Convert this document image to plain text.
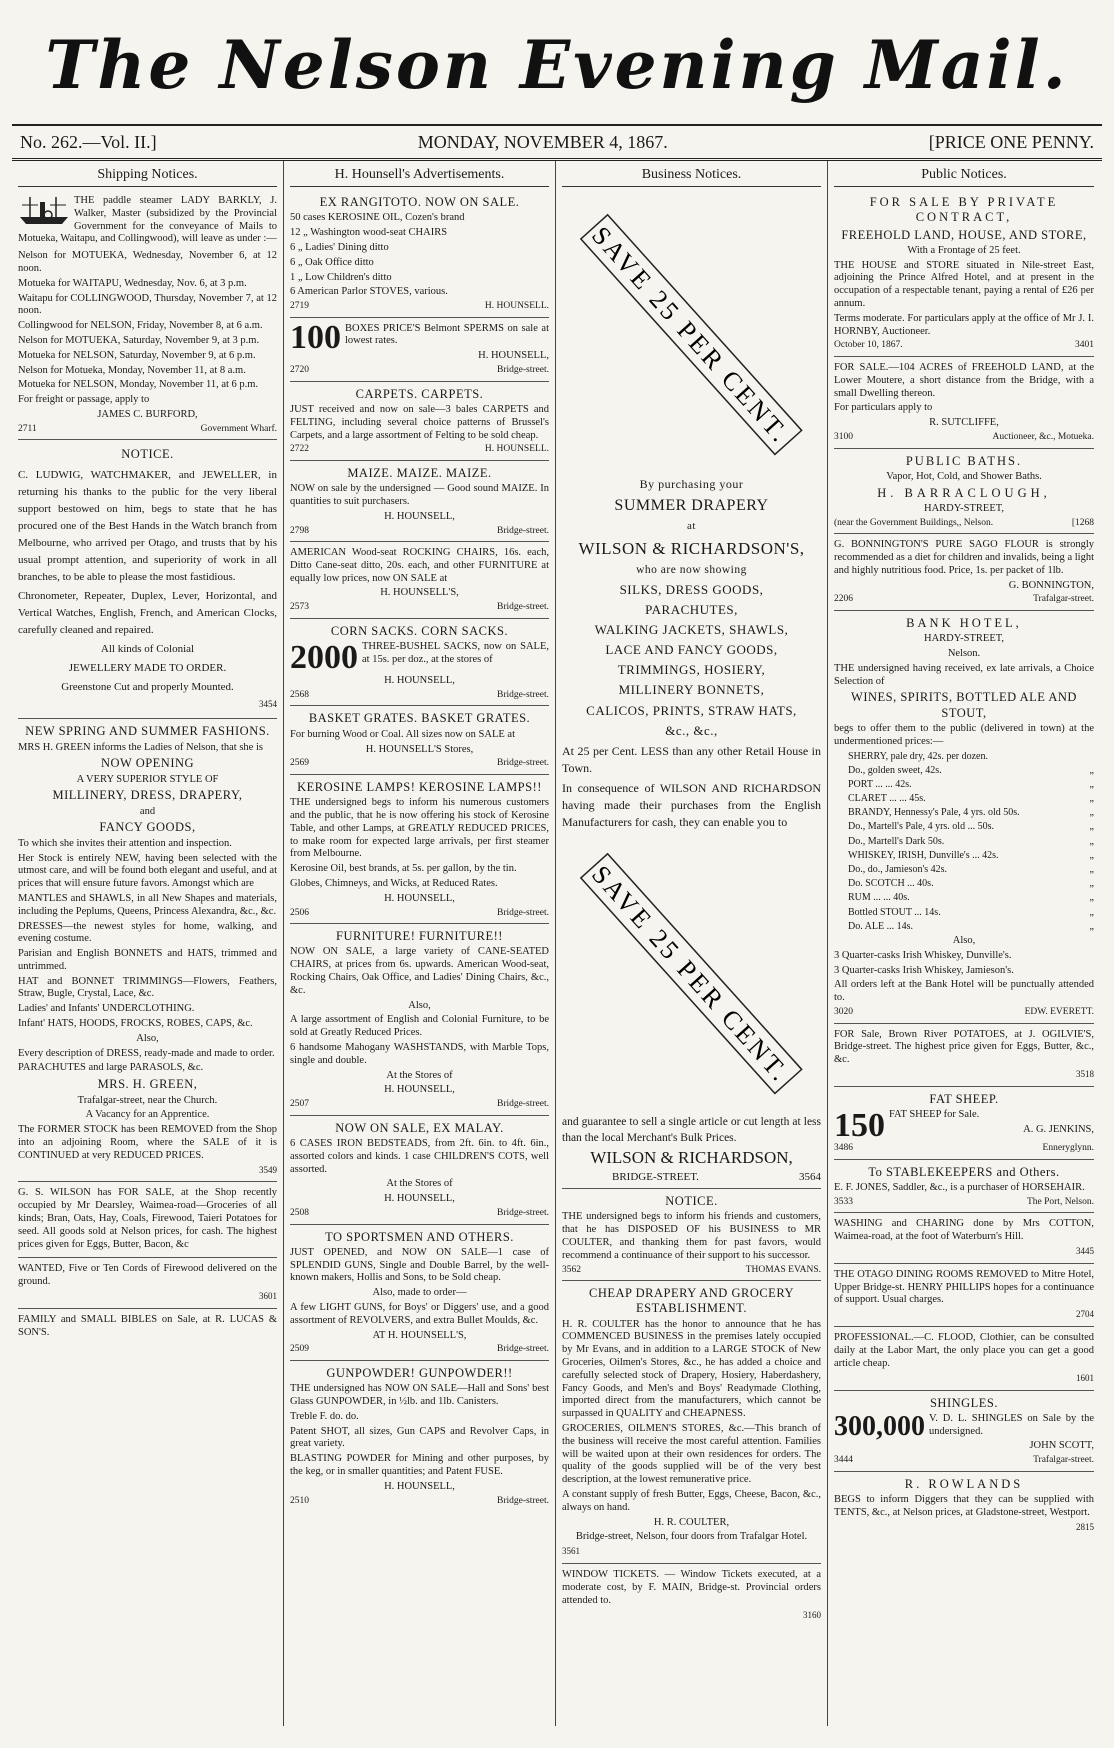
The Nelson Evening Mail.
No. 262.—Vol. II.]	MONDAY, NOVEMBER 4, 1867.	[PRICE ONE PENNY.
Shipping Notices.

THE paddle steamer LADY BARKLY, J. Walker, Master (subsidized by the Provincial Government for the conveyance of Mails to Motueka, Waitapu, and Collingwood), will leave as under :—

Nelson for MOTUEKA, Wednesday, November 6, at 12 noon.

Motueka for WAITAPU, Wednesday, Nov. 6, at 3 p.m.

Waitapu for COLLINGWOOD, Thursday, November 7, at 12 noon.

Collingwood for NELSON, Friday, November 8, at 6 a.m.

Nelson for MOTUEKA, Saturday, November 9, at 3 p.m.

Motueka for NELSON, Saturday, November 9, at 6 p.m.

Nelson for Motueka, Monday, November 11, at 8 a.m.

Motueka for NELSON, Monday, November 11, at 6 p.m.

For freight or passage, apply to

JAMES C. BURFORD,

2711	Government Wharf.

NOTICE.

C. LUDWIG, WATCHMAKER, and JEWELLER, in returning his thanks to the public for the very liberal support bestowed on him, begs to state that he has procured one of the Best Hands in the Watch branch from Melbourne, who arrived per Otago, and trusts that by his usual prompt attention, and superiority of work in all branches, to be able to please the most fastidious.

Chronometer, Repeater, Duplex, Lever, Horizontal, and Vertical Watches, English, French, and American Clocks, carefully cleaned and repaired.

All kinds of Colonial

JEWELLERY MADE TO ORDER.

Greenstone Cut and properly Mounted.

3454

NEW SPRING AND SUMMER FASHIONS.

MRS H. GREEN informs the Ladies of Nelson, that she is

NOW OPENING

A VERY SUPERIOR STYLE OF

MILLINERY, DRESS, DRAPERY,

and

FANCY GOODS,

To which she invites their attention and inspection.

Her Stock is entirely NEW, having been selected with the utmost care, and will be found both elegant and useful, and at prices that will ensure future favors. Amongst which are

MANTLES and SHAWLS, in all New Shapes and materials, including the Peplums, Queens, Princess Alexandra, &c., &c.

DRESSES—the newest styles for home, walking, and evening costume.

Parisian and English BONNETS and HATS, trimmed and untrimmed.

HAT and BONNET TRIMMINGS—Flowers, Feathers, Straw, Bugle, Crystal, Lace, &c.

Ladies' and Infants' UNDERCLOTHING.

Infant' HATS, HOODS, FROCKS, ROBES, CAPS, &c.

Also,

Every description of DRESS, ready-made and made to order.

PARACHUTES and large PARASOLS, &c.

MRS. H. GREEN,

Trafalgar-street, near the Church.

A Vacancy for an Apprentice.

The FORMER STOCK has been REMOVED from the Shop into an adjoining Room, where the SALE of it is CONTINUED at very REDUCED PRICES.

3549

G. S. WILSON has FOR SALE, at the Shop recently occupied by Mr Dearsley, Waimea-road—Groceries of all kinds; Bran, Oats, Hay, Coals, Firewood, Taieri Potatoes for seed. All goods sold at Nelson prices, for cash. The highest prices given for Eggs, Butter, Bacon, &c

WANTED, Five or Ten Cords of Firewood delivered on the ground.

3601

FAMILY and SMALL BIBLES on Sale, at R. LUCAS & SON'S.

H. Hounsell's Advertisements.

EX RANGITOTO. NOW ON SALE.

50 cases KEROSINE OIL, Cozen's brand

12 „ Washington wood-seat CHAIRS

6 „ Ladies' Dining ditto

6 „ Oak Office ditto

1 „ Low Children's ditto

6 American Parlor STOVES, various.

2719	H. HOUNSELL.
100 BOXES PRICE'S Belmont SPERMS on sale at lowest rates.

H. HOUNSELL,

2720	Bridge-street.

CARPETS. CARPETS.

JUST received and now on sale—3 bales CARPETS and FELTING, including several choice patterns of Brussel's Carpets, and a large assortment of Felting to be sold cheap.

2722	H. HOUNSELL.

MAIZE. MAIZE. MAIZE.

NOW on sale by the undersigned — Good sound MAIZE. In quantities to suit purchasers.

H. HOUNSELL,

2798	Bridge-street.

AMERICAN Wood-seat ROCKING CHAIRS, 16s. each, Ditto Cane-seat ditto, 20s. each, and other FURNITURE at equally low prices, now ON SALE at

H. HOUNSELL'S,

2573	Bridge-street.

CORN SACKS. CORN SACKS.

2000 THREE-BUSHEL SACKS, now on SALE, at 15s. per doz., at the stores of

H. HOUNSELL,

2568	Bridge-street.

BASKET GRATES. BASKET GRATES.

For burning Wood or Coal. All sizes now on SALE at

H. HOUNSELL'S Stores,

2569	Bridge-street.

KEROSINE LAMPS! KEROSINE LAMPS!!

THE undersigned begs to inform his numerous customers and the public, that he is now offering his stock of Kerosine Table, and other Lamps, at GREATLY REDUCED PRICES, to make room for expected large arrivals, per first steamer from Melbourne.

Kerosine Oil, best brands, at 5s. per gallon, by the tin.

Globes, Chimneys, and Wicks, at Reduced Rates.

H. HOUNSELL,

2506	Bridge-street.

FURNITURE! FURNITURE!!

NOW ON SALE, a large variety of CANE-SEATED CHAIRS, at prices from 6s. upwards. American Wood-seat, Rocking Chairs, Oak Office, and Ladies' Dining Chairs, &c., &c.

Also,

A large assortment of English and Colonial Furniture, to be sold at Greatly Reduced Prices.

6 handsome Mahogany WASHSTANDS, with Marble Tops, single and double.

At the Stores of

H. HOUNSELL,

2507	Bridge-street.

NOW ON SALE, EX MALAY.

6 CASES IRON BEDSTEADS, from 2ft. 6in. to 4ft. 6in., assorted colors and kinds. 1 case CHILDREN'S COTS, well assorted.

At the Stores of

H. HOUNSELL,

2508	Bridge-street.

TO SPORTSMEN AND OTHERS.

JUST OPENED, and NOW ON SALE—1 case of SPLENDID GUNS, Single and Double Barrel, by the well-known makers, Hollis and Sons, to be Sold cheap.

Also, made to order—

A few LIGHT GUNS, for Boys' or Diggers' use, and a good assortment of REVOLVERS, and extra Bullet Moulds, &c.

AT H. HOUNSELL'S,

2509	Bridge-street.

GUNPOWDER! GUNPOWDER!!

THE undersigned has NOW ON SALE—Hall and Sons' best Glass GUNPOWDER, in ½lb. and 1lb. Canisters.

Treble F. do. do.

Patent SHOT, all sizes, Gun CAPS and Revolver Caps, in great variety.

BLASTING POWDER for Mining and other purposes, by the keg, or in smaller quantities; and Patent FUSE.

H. HOUNSELL,

2510	Bridge-street.
Business Notices.
SAVE 25 PER CENT.
By purchasing your
SUMMER DRAPERY
at
WILSON & RICHARDSON'S,
who are now showing
SILKS, DRESS GOODS,
PARACHUTES,
WALKING JACKETS, SHAWLS,
LACE AND FANCY GOODS,
TRIMMINGS, HOSIERY,
MILLINERY BONNETS,
CALICOS, PRINTS, STRAW HATS,
&c., &c.,

At 25 per Cent. LESS than any other Retail House in Town.

In consequence of WILSON AND RICHARDSON having made their purchases from the English Manufacturers for cash, they can enable you to

SAVE 25 PER CENT.

and guarantee to sell a single article or cut length at less than the local Merchant's Bulk Prices.

WILSON & RICHARDSON,

BRIDGE-STREET.	3564

NOTICE.

THE undersigned begs to inform his friends and customers, that he has DISPOSED OF his BUSINESS to MR COULTER, and thanking them for past favors, would recommend a continuance of their support to his successor.

3562	THOMAS EVANS.

CHEAP DRAPERY AND GROCERY ESTABLISHMENT.

H. R. COULTER has the honor to announce that he has COMMENCED BUSINESS in the premises lately occupied by Mr Evans, and in addition to a LARGE STOCK of New Groceries, Oilmen's Stores, &c., he has added a choice and carefully selected stock of Drapery, Hosiery, Haberdashery, Fancy Goods, and Men's and Boys' Readymade Clothing, imported direct from the manufacturers, which cannot be surpassed in QUALITY and CHEAPNESS.

GROCERIES, OILMEN'S STORES, &c.—This branch of the business will receive the most careful attention. Families will be waited upon at their own residences for orders. The quality of the goods supplied will be of the very best description, at the lowest remunerative price.

A constant supply of fresh Butter, Eggs, Cheese, Bacon, &c., always on hand.

H. R. COULTER,

Bridge-street, Nelson, four doors from Trafalgar Hotel.

3561

WINDOW TICKETS. — Window Tickets executed, at a moderate cost, by F. MAIN, Bridge-st. Provincial orders attended to.

3160

Public Notices.

FOR SALE BY PRIVATE CONTRACT,

FREEHOLD LAND, HOUSE, AND STORE,

With a Frontage of 25 feet.

THE HOUSE and STORE situated in Nile-street East, adjoining the Prince Alfred Hotel, and at present in the occupation of a respectable tenant, paying a rental of £26 per annum.

Terms moderate. For particulars apply at the office of Mr J. I. HORNBY, Auctioneer.

October 10, 1867.	3401

FOR SALE.—104 ACRES of FREEHOLD LAND, at the Lower Moutere, a short distance from the Bridge, with a small Dwelling thereon.

For particulars apply to

R. SUTCLIFFE,

3100	Auctioneer, &c., Motueka.

PUBLIC BATHS.

Vapor, Hot, Cold, and Shower Baths.

H. BARRACLOUGH,

HARDY-STREET,

(near the Government Buildings,, Nelson.	[1268

G. BONNINGTON'S PURE SAGO FLOUR is strongly recommended as a diet for children and invalids, being a light and highly nutritious food. Price, 1s. per packet of 1lb.

G. BONNINGTON,

2206	Trafalgar-street.

BANK HOTEL,

HARDY-STREET,

Nelson.

THE undersigned having received, ex late arrivals, a Choice Selection of

WINES, SPIRITS, BOTTLED ALE AND STOUT,

begs to offer them to the public (delivered in town) at the undermentioned prices:—

SHERRY, pale dry, 42s. per dozen.

Do., golden sweet, 42s.	„

PORT ... ... 42s.	„

CLARET ... ... 45s.	„

BRANDY, Hennessy's Pale, 4 yrs. old 50s.	„

Do., Martell's Pale, 4 yrs. old ... 50s.	„

Do., Martell's Dark 50s.	„

WHISKEY, IRISH, Dunville's ... 42s.	„

Do., do., Jamieson's 42s.	„

Do. SCOTCH ... 40s.	„

RUM ... ... 40s.	„

Bottled STOUT ... 14s.	„

Do. ALE ... 14s.	„

Also,

3 Quarter-casks Irish Whiskey, Dunville's.

3 Quarter-casks Irish Whiskey, Jamieson's.

All orders left at the Bank Hotel will be punctually attended to.

3020	EDW. EVERETT.

FOR Sale, Brown River POTATOES, at J. OGILVIE'S, Bridge-street. The highest price given for Eggs, Butter, &c., &c.

3518

FAT SHEEP.

150 FAT SHEEP for Sale.

A. G. JENKINS,

3486	Enneryglynn.

To STABLEKEEPERS and Others.

E. F. JONES, Saddler, &c., is a purchaser of HORSEHAIR.

3533	The Port, Nelson.

WASHING and CHARING done by Mrs COTTON, Waimea-road, at the foot of Waterburn's Hill.

3445

THE OTAGO DINING ROOMS REMOVED to Mitre Hotel, Upper Bridge-st. HENRY PHILLIPS hopes for a continuance of support. Usual charges.

2704

PROFESSIONAL.—C. FLOOD, Clothier, can be consulted daily at the Labor Mart, the only place you can get a good article cheap.

1601

SHINGLES.

300,000 V. D. L. SHINGLES on Sale by the undersigned.

JOHN SCOTT,

3444	Trafalgar-street.

R. ROWLANDS

BEGS to inform Diggers that they can be supplied with TENTS, &c., at Nelson prices, at Gladstone-street, Westport.

2815
